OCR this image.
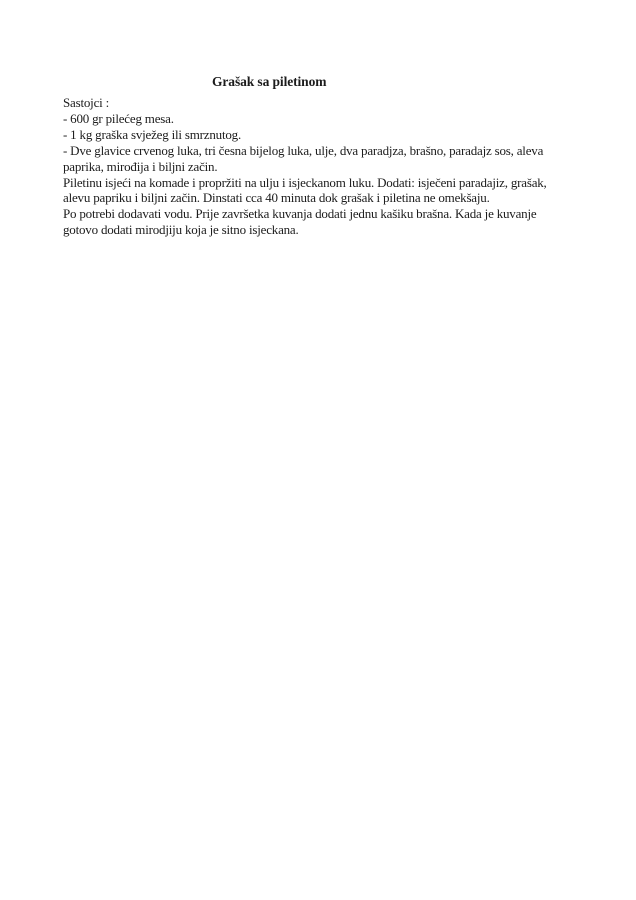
Grašak sa piletinom
Sastojci :
- 600 gr pilećeg mesa.
- 1 kg graška svježeg ili smrznutog.
- Dve glavice crvenog luka, tri česna bijelog luka, ulje, dva paradjza, brašno, paradajz sos, aleva
paprika, mirođija i biljni začin.
Piletinu isjeći na komade i propržiti na ulju i isjeckanom luku. Dodati: isječeni paradajiz, grašak,
alevu papriku i biljni začin. Dinstati cca 40 minuta dok grašak i piletina ne omekšaju.
Po potrebi dodavati vodu. Prije završetka kuvanja dodati jednu kašiku brašna. Kada je kuvanje
gotovo dodati mirodjiju koja je sitno isjeckana.
